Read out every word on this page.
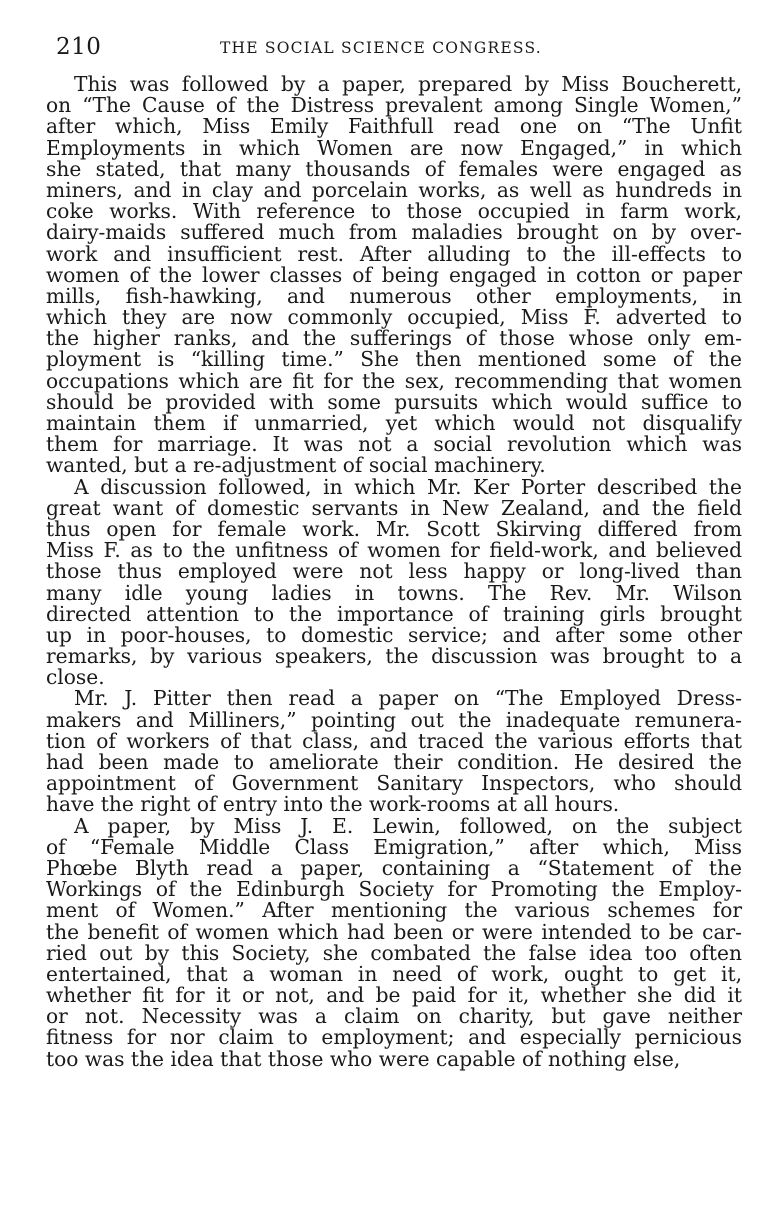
210	THE SOCIAL SCIENCE CONGRESS.
This was followed by a paper, prepared by Miss Boucherett,
on “The Cause of the Distress prevalent among Single Women,”
after which, Miss Emily Faithfull read one on “The Unfit
Employments in which Women are now Engaged,” in which
she stated, that many thousands of females were engaged as
miners, and in clay and porcelain works, as well as hundreds in
coke works. With reference to those occupied in farm work,
dairy-maids suffered much from maladies brought on by over-
work and insufficient rest. After alluding to the ill-effects to
women of the lower classes of being engaged in cotton or paper
mills, fish-hawking, and numerous other employments, in
which they are now commonly occupied, Miss F. adverted to
the higher ranks, and the sufferings of those whose only em-
ployment is “killing time.” She then mentioned some of the
occupations which are fit for the sex, recommending that women
should be provided with some pursuits which would suffice to
maintain them if unmarried, yet which would not disqualify
them for marriage. It was not a social revolution which was
wanted, but a re-adjustment of social machinery.
A discussion followed, in which Mr. Ker Porter described the
great want of domestic servants in New Zealand, and the field
thus open for female work. Mr. Scott Skirving differed from
Miss F. as to the unfitness of women for field-work, and believed
those thus employed were not less happy or long-lived than
many idle young ladies in towns. The Rev. Mr. Wilson
directed attention to the importance of training girls brought
up in poor-houses, to domestic service; and after some other
remarks, by various speakers, the discussion was brought to a
close.
Mr. J. Pitter then read a paper on “The Employed Dress-
makers and Milliners,” pointing out the inadequate remunera-
tion of workers of that class, and traced the various efforts that
had been made to ameliorate their condition. He desired the
appointment of Government Sanitary Inspectors, who should
have the right of entry into the work-rooms at all hours.
A paper, by Miss J. E. Lewin, followed, on the subject
of “Female Middle Class Emigration,” after which, Miss
Phœbe Blyth read a paper, containing a “Statement of the
Workings of the Edinburgh Society for Promoting the Employ-
ment of Women.” After mentioning the various schemes for
the benefit of women which had been or were intended to be car-
ried out by this Society, she combated the false idea too often
entertained, that a woman in need of work, ought to get it,
whether fit for it or not, and be paid for it, whether she did it
or not. Necessity was a claim on charity, but gave neither
fitness for nor claim to employment; and especially pernicious
too was the idea that those who were capable of nothing else,
